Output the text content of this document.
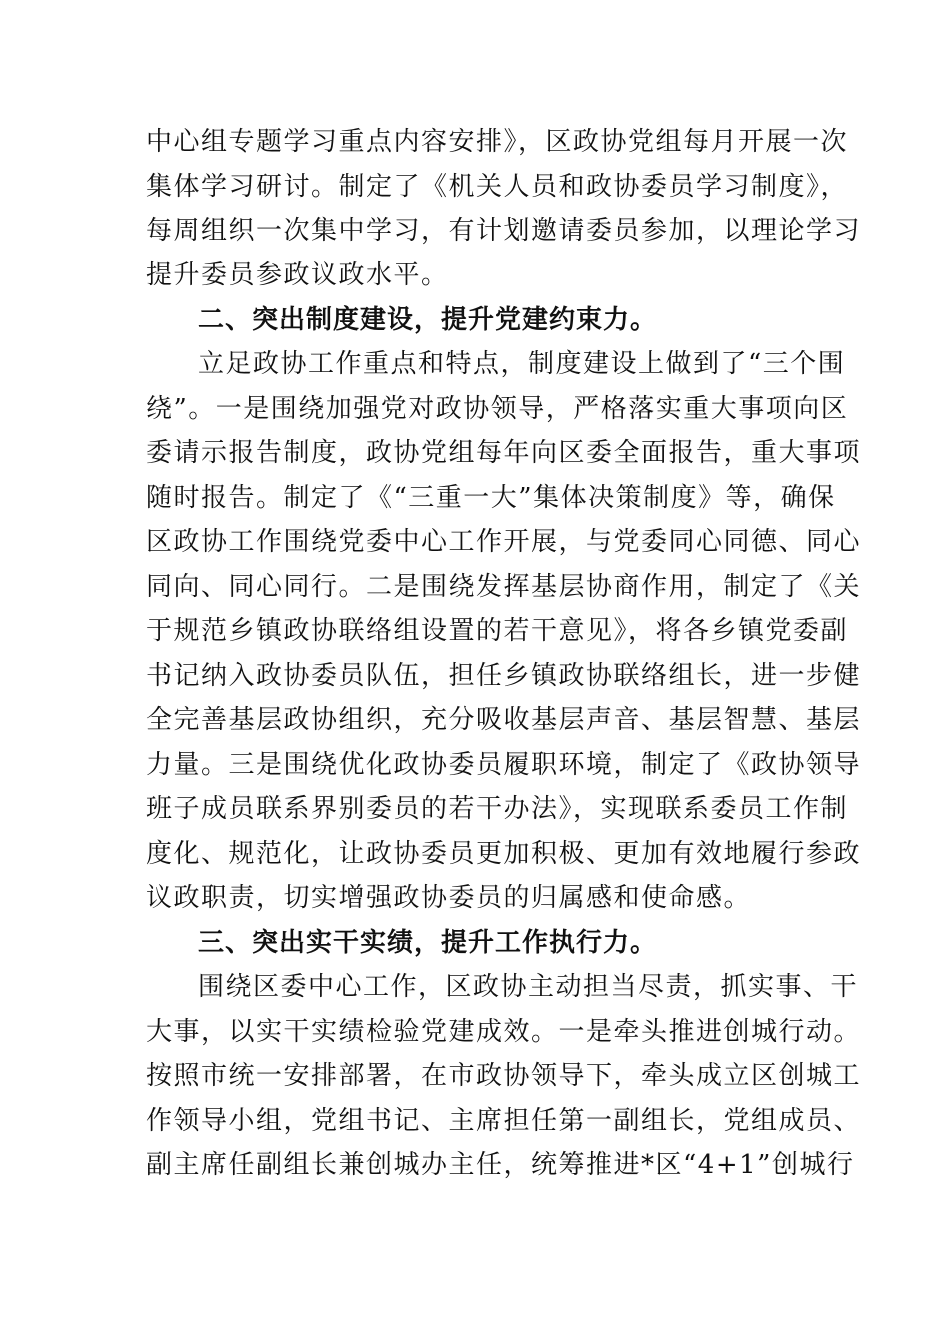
中心组专题学习重点内容安排》，区政协党组每月开展一次
集体学习研讨。制定了《机关人员和政协委员学习制度》，
每周组织一次集中学习，有计划邀请委员参加，以理论学习
提升委员参政议政水平。
二、突出制度建设，提升党建约束力。
立足政协工作重点和特点，制度建设上做到了“三个围
绕”。一是围绕加强党对政协领导，严格落实重大事项向区
委请示报告制度，政协党组每年向区委全面报告，重大事项
随时报告。制定了《“三重一大”集体决策制度》等，确保
区政协工作围绕党委中心工作开展，与党委同心同德、同心
同向、同心同行。二是围绕发挥基层协商作用，制定了《关
于规范乡镇政协联络组设置的若干意见》，将各乡镇党委副
书记纳入政协委员队伍，担任乡镇政协联络组长，进一步健
全完善基层政协组织，充分吸收基层声音、基层智慧、基层
力量。三是围绕优化政协委员履职环境，制定了《政协领导
班子成员联系界别委员的若干办法》，实现联系委员工作制
度化、规范化，让政协委员更加积极、更加有效地履行参政
议政职责，切实增强政协委员的归属感和使命感。
三、突出实干实绩，提升工作执行力。
围绕区委中心工作，区政协主动担当尽责，抓实事、干
大事，以实干实绩检验党建成效。一是牵头推进创城行动。
按照市统一安排部署，在市政协领导下，牵头成立区创城工
作领导小组，党组书记、主席担任第一副组长，党组成员、
副主席任副组长兼创城办主任，统筹推进*区“4+1”创城行
